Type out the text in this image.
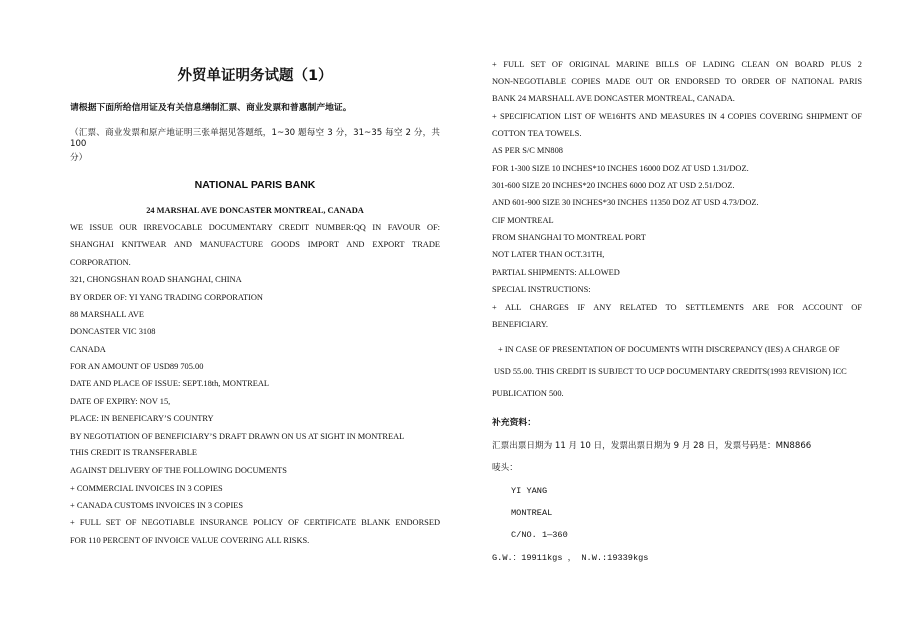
外贸单证明务试题（1）
请根据下面所给信用证及有关信息缮制汇票、商业发票和普惠制产地证。
（汇票、商业发票和原产地证明三张单据见答题纸，1~30 题每空 3 分，31~35 每空 2 分，共 100
分）
NATIONAL PARIS BANK
24 MARSHAL AVE DONCASTER MONTREAL, CANADA
WE ISSUE OUR IRREVOCABLE DOCUMENTARY CREDIT NUMBER:QQ IN FAVOUR OF:
SHANGHAI KNITWEAR AND MANUFACTURE GOODS IMPORT AND EXPORT TRADE
CORPORATION.
321, CHONGSHAN ROAD SHANGHAI, CHINA
BY ORDER OF: YI YANG TRADING CORPORATION
88 MARSHALL AVE
DONCASTER VIC 3108
CANADA
FOR AN AMOUNT OF USD89 705.00
DATE AND PLACE OF ISSUE: SEPT.18th, MONTREAL
DATE OF EXPIRY: NOV 15,
PLACE: IN BENEFICARY’S COUNTRY
BY NEGOTIATION OF BENEFICIARY’S DRAFT DRAWN ON US AT SIGHT IN MONTREAL
THIS CREDIT IS TRANSFERABLE
AGAINST DELIVERY OF THE FOLLOWING DOCUMENTS
+ COMMERCIAL INVOICES IN 3 COPIES
+ CANADA CUSTOMS INVOICES IN 3 COPIES
+ FULL SET OF NEGOTIABLE INSURANCE POLICY OF CERTIFICATE BLANK ENDORSED
FOR 110 PERCENT OF INVOICE VALUE COVERING ALL RISKS.
+ FULL SET OF ORIGINAL MARINE BILLS OF LADING CLEAN ON BOARD PLUS 2
NON-NEGOTIABLE COPIES MADE OUT OR ENDORSED TO ORDER OF NATIONAL PARIS
BANK 24 MARSHALL AVE DONCASTER MONTREAL, CANADA.
+ SPECIFICATION LIST OF WE16HTS AND MEASURES IN 4 COPIES COVERING SHIPMENT OF
COTTON TEA TOWELS.
AS PER S/C MN808
FOR 1-300 SIZE 10 INCHES*10 INCHES 16000 DOZ AT USD 1.31/DOZ.
301-600 SIZE 20 INCHES*20 INCHES 6000 DOZ AT USD 2.51/DOZ.
AND 601-900 SIZE 30 INCHES*30 INCHES 11350 DOZ AT USD 4.73/DOZ.
CIF MONTREAL
FROM SHANGHAI TO MONTREAL PORT
NOT LATER THAN OCT.31TH,
PARTIAL SHIPMENTS: ALLOWED
SPECIAL INSTRUCTIONS:
+ ALL CHARGES IF ANY RELATED TO SETTLEMENTS ARE FOR ACCOUNT OF
BENEFICIARY.
+ IN CASE OF PRESENTATION OF DOCUMENTS WITH DISCREPANCY (IES) A CHARGE OF
USD 55.00. THIS CREDIT IS SUBJECT TO UCP DOCUMENTARY CREDITS(1993 REVISION) ICC
PUBLICATION 500.
补充资料：
汇票出票日期为 11 月 10 日，发票出票日期为 9 月 28 日，发票号码是：MN8866
唛头：
YI YANG
MONTREAL
C/NO. 1—360
G.W.：19911kgs ， N.W.:19339kgs
